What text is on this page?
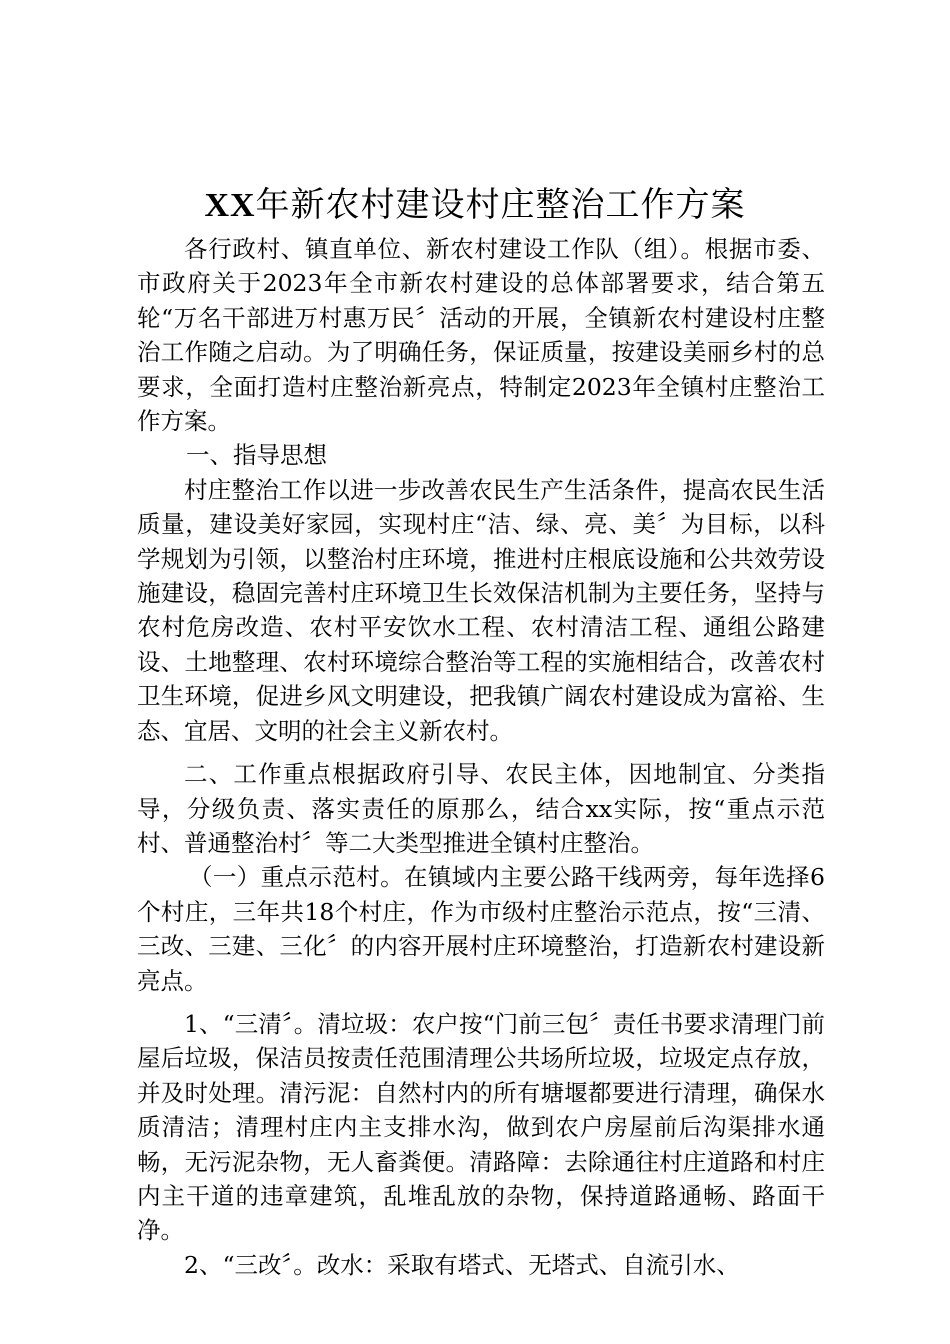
XX年新农村建设村庄整治工作方案

各行政村、镇直单位、新农村建设工作队（组）。根据市委、市政府关于2023年全市新农村建设的总体部署要求，结合第五轮“万名干部进万村惠万民〞活动的开展，全镇新农村建设村庄整治工作随之启动。为了明确任务，保证质量，按建设美丽乡村的总要求，全面打造村庄整治新亮点，特制定2023年全镇村庄整治工作方案。

一、指导思想

村庄整治工作以进一步改善农民生产生活条件，提高农民生活质量，建设美好家园，实现村庄“洁、绿、亮、美〞为目标，以科学规划为引领，以整治村庄环境，推进村庄根底设施和公共效劳设施建设，稳固完善村庄环境卫生长效保洁机制为主要任务，坚持与农村危房改造、农村平安饮水工程、农村清洁工程、通组公路建设、土地整理、农村环境综合整治等工程的实施相结合，改善农村卫生环境，促进乡风文明建设，把我镇广阔农村建设成为富裕、生态、宜居、文明的社会主义新农村。

二、工作重点根据政府引导、农民主体，因地制宜、分类指导，分级负责、落实责任的原那么，结合xx实际，按“重点示范村、普通整治村〞等二大类型推进全镇村庄整治。

（一）重点示范村。在镇域内主要公路干线两旁，每年选择6个村庄，三年共18个村庄，作为市级村庄整治示范点，按“三清、三改、三建、三化〞的内容开展村庄环境整治，打造新农村建设新亮点。

1、“三清〞。清垃圾：农户按“门前三包〞责任书要求清理门前屋后垃圾，保洁员按责任范围清理公共场所垃圾，垃圾定点存放，并及时处理。清污泥：自然村内的所有塘堰都要进行清理，确保水质清洁；清理村庄内主支排水沟，做到农户房屋前后沟渠排水通畅，无污泥杂物，无人畜粪便。清路障：去除通往村庄道路和村庄内主干道的违章建筑，乱堆乱放的杂物，保持道路通畅、路面干净。

2、“三改〞。改水：采取有塔式、无塔式、自流引水、
